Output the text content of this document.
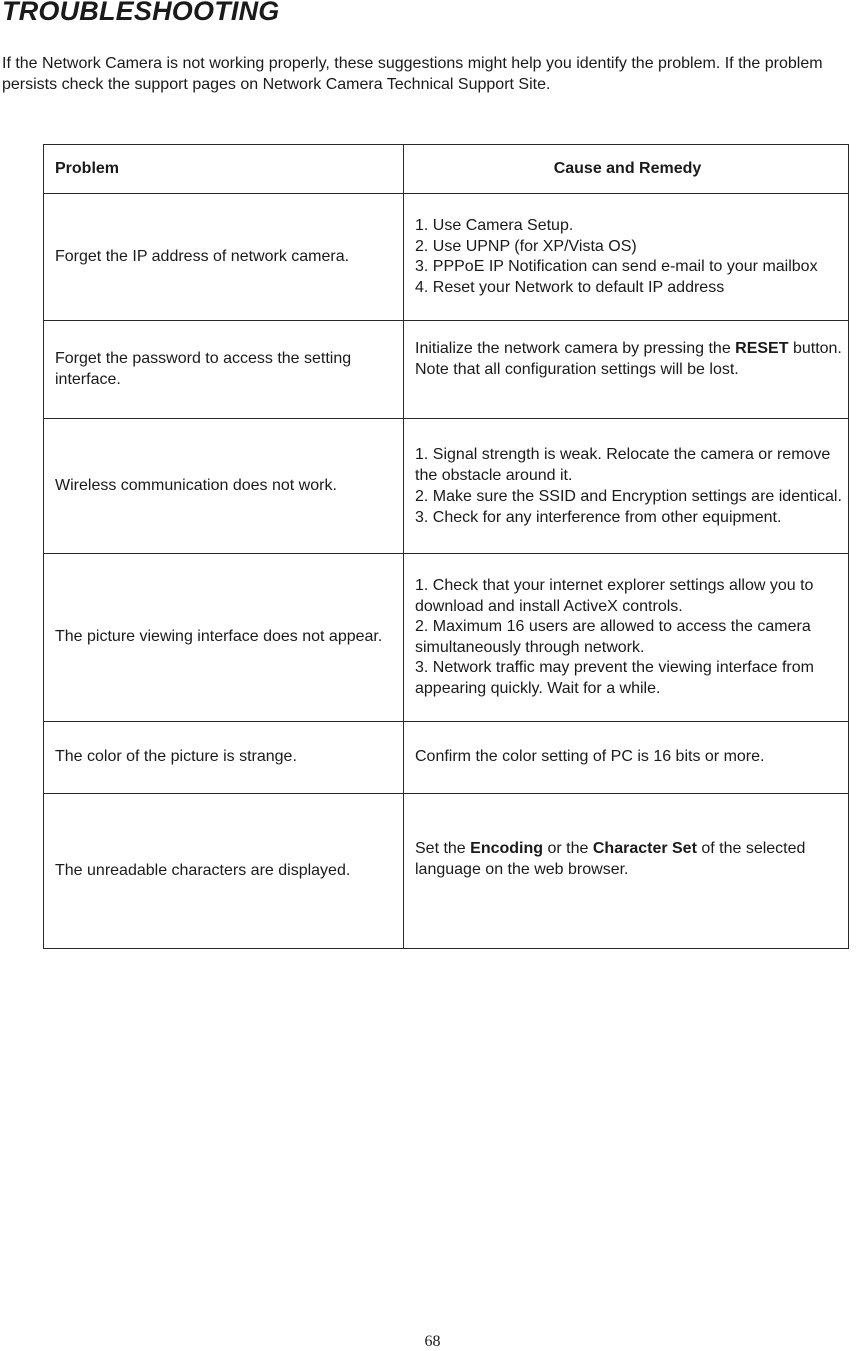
TROUBLESHOOTING
If the Network Camera is not working properly, these suggestions might help you identify the problem. If the problem persists check the support pages on Network Camera Technical Support Site.
Problem	Cause and Remedy
Forget the IP address of network camera.	1. Use Camera Setup.
2. Use UPNP (for XP/Vista OS)
3. PPPoE IP Notification can send e-mail to your mailbox
4. Reset your Network to default IP address

Forget the password to access the setting interface.	Initialize the network camera by pressing the RESET button. Note that all configuration settings will be lost.
Wireless communication does not work.	1. Signal strength is weak. Relocate the camera or remove the obstacle around it.
2. Make sure the SSID and Encryption settings are identical.
3. Check for any interference from other equipment.

The picture viewing interface does not appear.	1. Check that your internet explorer settings allow you to download and install ActiveX controls.
2. Maximum 16 users are allowed to access the camera simultaneously through network.
3. Network traffic may prevent the viewing interface from appearing quickly. Wait for a while.

The color of the picture is strange.	Confirm the color setting of PC is 16 bits or more.
The unreadable characters are displayed.	Set the Encoding or the Character Set of the selected language on the web browser.
68
